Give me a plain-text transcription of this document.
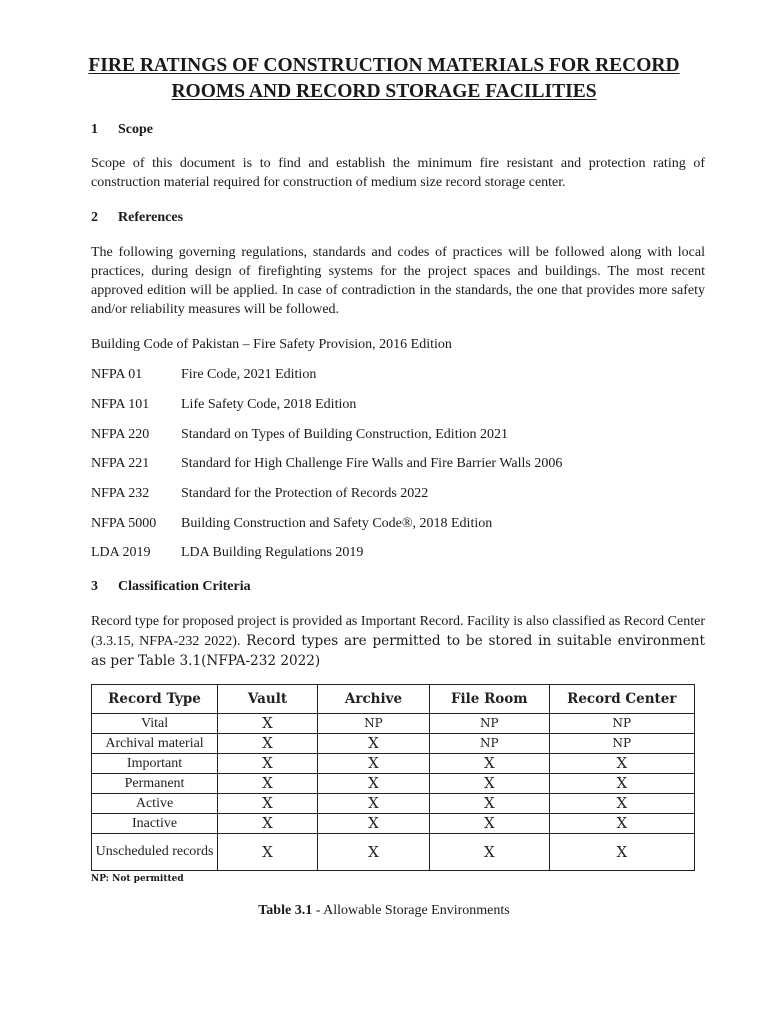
FIRE RATINGS OF CONSTRUCTION MATERIALS FOR RECORD ROOMS AND RECORD STORAGE FACILITIES
1 Scope
Scope of this document is to find and establish the minimum fire resistant and protection rating of construction material required for construction of medium size record storage center.
2 References
The following governing regulations, standards and codes of practices will be followed along with local practices, during design of firefighting systems for the project spaces and buildings. The most recent approved edition will be applied. In case of contradiction in the standards, the one that provides more safety and/or reliability measures will be followed.
Building Code of Pakistan – Fire Safety Provision, 2016 Edition
NFPA 01	Fire Code, 2021 Edition
NFPA 101 Life Safety Code, 2018 Edition
NFPA 220 Standard on Types of Building Construction, Edition 2021
NFPA 221 Standard for High Challenge Fire Walls and Fire Barrier Walls 2006
NFPA 232 Standard for the Protection of Records 2022
NFPA 5000 Building Construction and Safety Code®, 2018 Edition
LDA 2019 LDA Building Regulations 2019
3 Classification Criteria
Record type for proposed project is provided as Important Record. Facility is also classified as Record Center (3.3.15, NFPA-232 2022). Record types are permitted to be stored in suitable environment as per Table 3.1(NFPA-232 2022)
Record Type	Vault	Archive	File Room	Record Center
Vital	X	NP	NP	NP
Archival material	X	X	NP	NP
Important	X	X	X	X
Permanent	X	X	X	X
Active	X	X	X	X
Inactive	X	X	X	X
Unscheduled records	X	X	X	X
NP: Not permitted
Table 3.1 - Allowable Storage Environments
